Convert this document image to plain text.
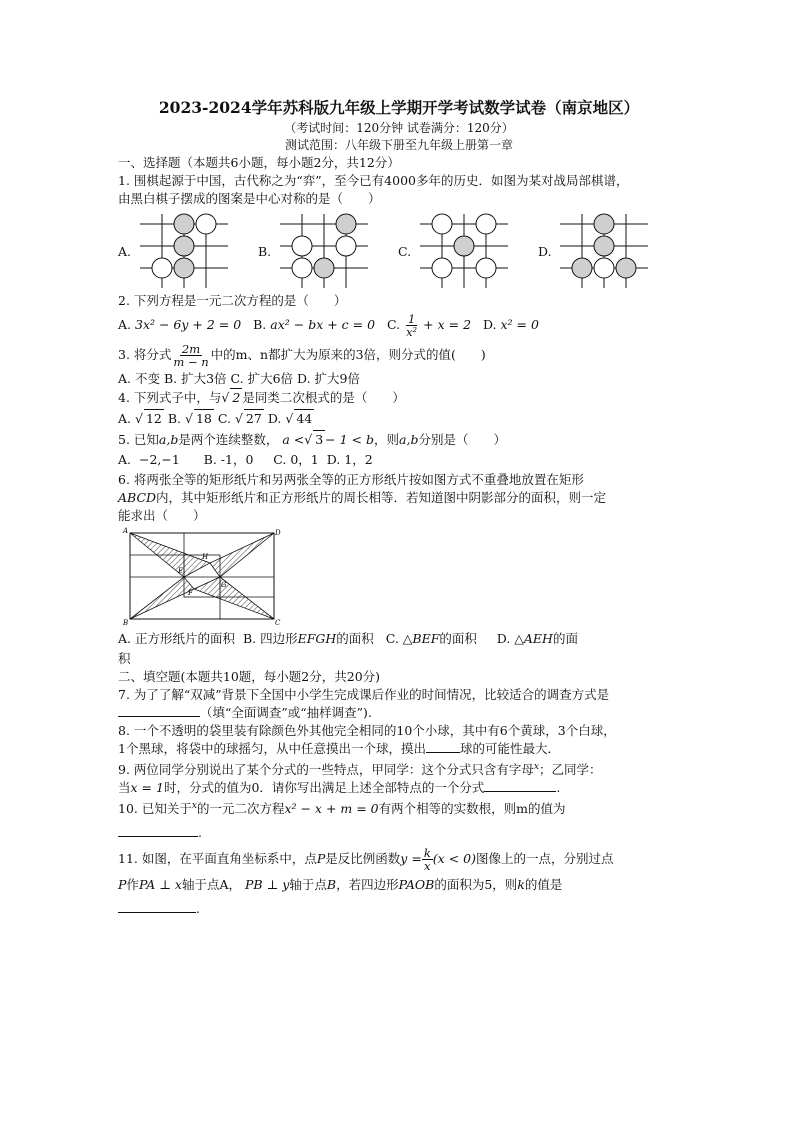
2023-2024学年苏科版九年级上学期开学考试数学试卷（南京地区）
（考试时间：120分钟 试卷满分：120分）
测试范围：八年级下册至九年级上册第一章
一、选择题（本题共6小题，每小题2分，共12分）
1. 围棋起源于中国，古代称之为“弈”，至今已有4000多年的历史．如图为某对战局部棋谱，
由黑白棋子摆成的图案是中心对称的是（　　）
A.	B.	C.	D.
2. 下列方程是一元二次方程的是（　　）
A.
3x² − 6y + 2 = 0
B.
ax² − bx + c = 0
C.
$\frac{1}{\text{x²}}$
+ x = 2
D.
x² = 0
3. 将分式 $\frac{2m}{m - n}$ 中的m、n都扩大为原来的3倍，则分式的值(　　)
A. 不变 B. 扩大3倍 C. 扩大6倍 D. 扩大9倍
4. 下列式子中，与√ 2 是同类二次根式的是（　　）
A. √ 12 B. √ 18 C. √ 27 D. √ 44
5. 已知a,b是两个连续整数， a <√ 3 − 1 < b，则a,b分别是（　　）
A. −2,−1 B. -1，0 C. 0，1 D. 1，2
6. 将两张全等的矩形纸片和另两张全等的正方形纸片按如图方式不重叠地放置在矩形
ABCD内，其中矩形纸片和正方形纸片的周长相等．若知道图中阴影部分的面积，则一定
能求出（　　）
A
B	C
D
E
F
G
H
A. 正方形纸片的面积 B. 四边形EFGH的面积 C. △BEF的面积 D. △AEH的面
积
二、填空题(本题共10题，每小题2分，共20分)
7. 为了了解“双减”背景下全国中小学生完成课后作业的时间情况，比较适合的调查方式是
（填“全面调查”或“抽样调查”).
8. 一个不透明的袋里装有除颜色外其他完全相同的10个小球，其中有6个黄球，3个白球，
1个黑球，将袋中的球摇匀，从中任意摸出一个球，摸出	球的可能性最大．
9. 两位同学分别说出了某个分式的一些特点，甲同学：这个分式只含有字母$^x$；乙同学：
当x = 1时，分式的值为0．请你写出满足上述全部特点的一个分式	.
10. 已知关于$^x$的一元二次方程x² − x + m = 0有两个相等的实数根，则m的值为
.
11. 如图，在平面直角坐标系中，点 P 是反比例函数 $y = \frac{k}{x} (x < 0)$ 图像上的一点，分别过点
P作PA ⊥ x轴于点A， PB ⊥ y轴于点B，若四边形PAOB的面积为5，则k的值是
.
